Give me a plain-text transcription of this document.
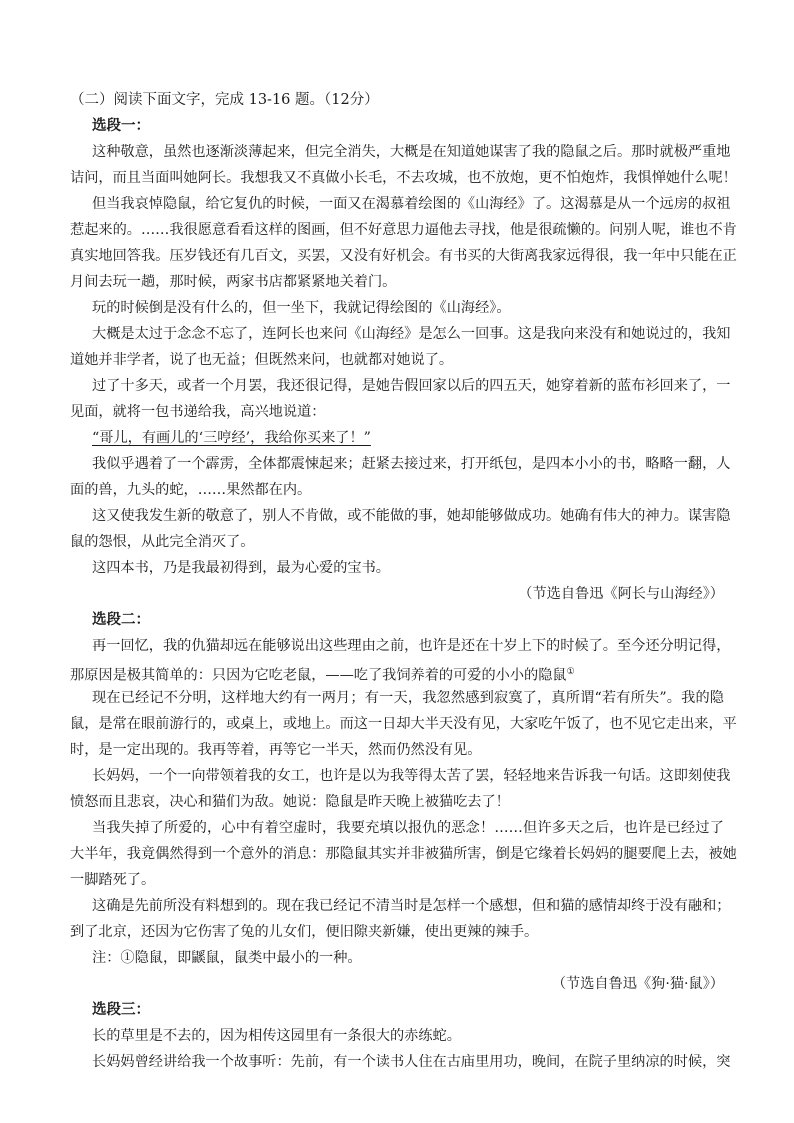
（二）阅读下面文字，完成 13-16 题。（12分）
选段一：
这种敬意，虽然也逐渐淡薄起来，但完全消失，大概是在知道她谋害了我的隐鼠之后。那时就极严重地
诘问，而且当面叫她阿长。我想我又不真做小长毛，不去攻城，也不放炮，更不怕炮炸，我惧惮她什么呢！
但当我哀悼隐鼠，给它复仇的时候，一面又在渴慕着绘图的《山海经》了。这渴慕是从一个远房的叔祖
惹起来的。……我很愿意看看这样的图画，但不好意思力逼他去寻找，他是很疏懒的。问别人呢，谁也不肯
真实地回答我。压岁钱还有几百文，买罢，又没有好机会。有书买的大街离我家远得很，我一年中只能在正
月间去玩一趟，那时候，两家书店都紧紧地关着门。
玩的时候倒是没有什么的，但一坐下，我就记得绘图的《山海经》。
大概是太过于念念不忘了，连阿长也来问《山海经》是怎么一回事。这是我向来没有和她说过的，我知
道她并非学者，说了也无益；但既然来问，也就都对她说了。
过了十多天，或者一个月罢，我还很记得，是她告假回家以后的四五天，她穿着新的蓝布衫回来了，一
见面，就将一包书递给我，高兴地说道：
“哥儿，有画儿的‘三哼经’，我给你买来了！”
我似乎遇着了一个霹雳，全体都震悚起来；赶紧去接过来，打开纸包，是四本小小的书，略略一翻，人
面的兽，九头的蛇，……果然都在内。
这又使我发生新的敬意了，别人不肯做，或不能做的事，她却能够做成功。她确有伟大的神力。谋害隐
鼠的怨恨，从此完全消灭了。
这四本书，乃是我最初得到，最为心爱的宝书。
（节选自鲁迅《阿长与山海经》）
选段二：
再一回忆，我的仇猫却远在能够说出这些理由之前，也许是还在十岁上下的时候了。至今还分明记得，
那原因是极其简单的：只因为它吃老鼠，——吃了我饲养着的可爱的小小的隐鼠①
现在已经记不分明，这样地大约有一两月；有一天，我忽然感到寂寞了，真所谓“若有所失”。我的隐
鼠，是常在眼前游行的，或桌上，或地上。而这一日却大半天没有见，大家吃午饭了，也不见它走出来，平
时，是一定出现的。我再等着，再等它一半天，然而仍然没有见。
长妈妈，一个一向带领着我的女工，也许是以为我等得太苦了罢，轻轻地来告诉我一句话。这即刻使我
愤怒而且悲哀，决心和猫们为敌。她说：隐鼠是昨天晚上被猫吃去了！
当我失掉了所爱的，心中有着空虚时，我要充填以报仇的恶念！……但许多天之后，也许是已经过了
大半年，我竟偶然得到一个意外的消息：那隐鼠其实并非被猫所害，倒是它缘着长妈妈的腿要爬上去，被她
一脚踏死了。
这确是先前所没有料想到的。现在我已经记不清当时是怎样一个感想，但和猫的感情却终于没有融和；
到了北京，还因为它伤害了兔的儿女们，便旧隙夹新嫌，使出更辣的辣手。
注：①隐鼠，即鼷鼠，鼠类中最小的一种。
（节选自鲁迅《狗·猫·鼠》）
选段三：
长的草里是不去的，因为相传这园里有一条很大的赤练蛇。
长妈妈曾经讲给我一个故事听：先前，有一个读书人住在古庙里用功，晚间，在院子里纳凉的时候，突
